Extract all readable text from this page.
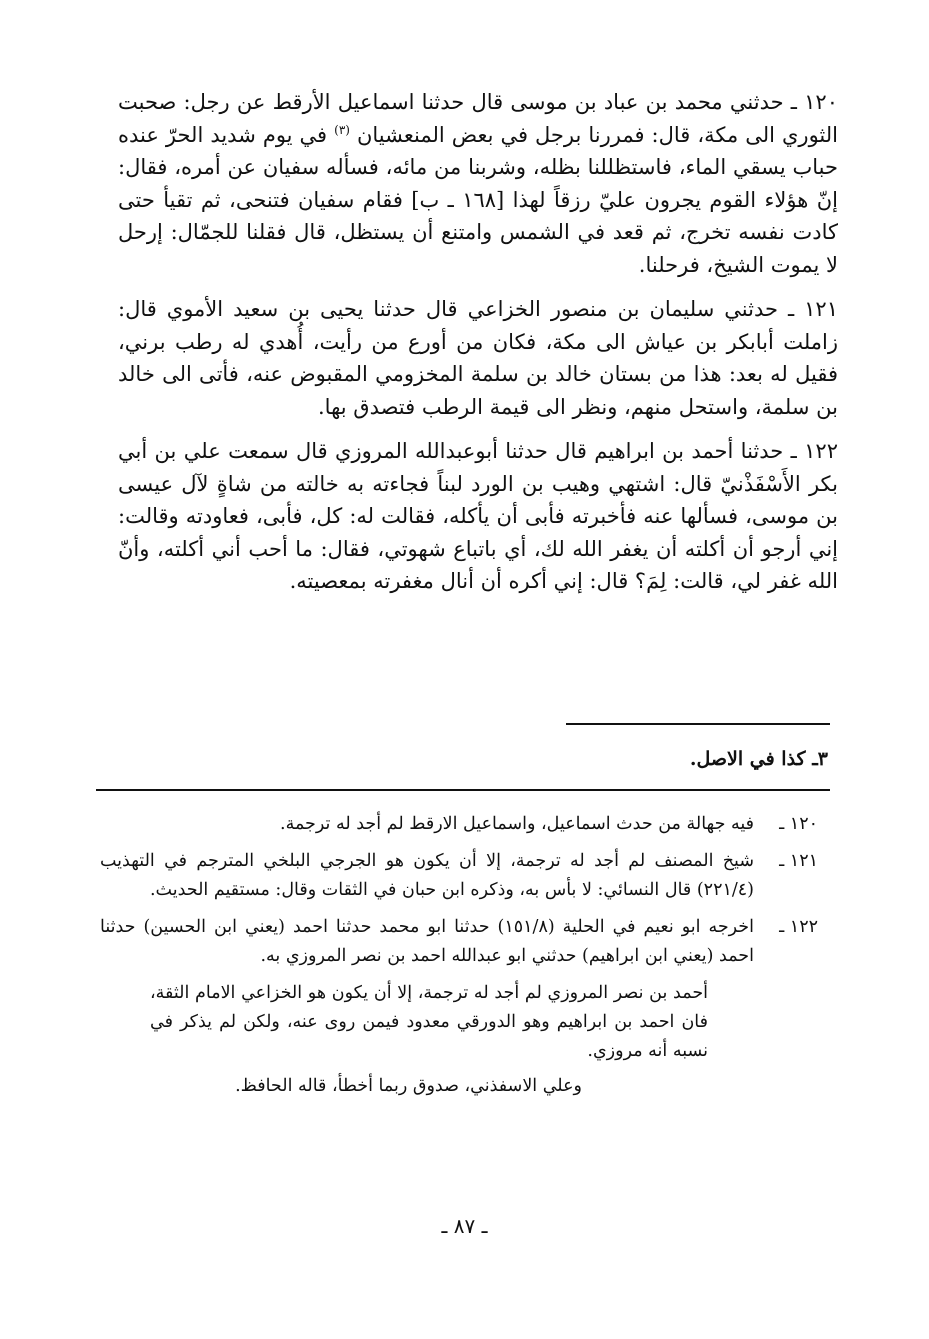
١٢٠ ـ حدثني محمد بن عباد بن موسى قال حدثنا اسماعيل الأرقط عن رجل: صحبت الثوري الى مكة، قال: فمررنا برجل في بعض المنعشيان $^{(٣)}$ في يوم شديد الحرّ عنده حباب يسقي الماء، فاستظللنا بظله، وشربنا من مائه، فسأله سفيان عن أمره، فقال: إنّ هؤلاء القوم يجرون عليّ رزقاً لهذا [١٦٨ ـ ب] فقام سفيان فتنحى، ثم تقيأ حتى كادت نفسه تخرج، ثم قعد في الشمس وامتنع أن يستظل، قال فقلنا للجمّال: إرحل لا يموت الشيخ، فرحلنا.

١٢١ ـ حدثني سليمان بن منصور الخزاعي قال حدثنا يحيى بن سعيد الأموي قال: زاملت أبابكر بن عياش الى مكة، فكان من أورع من رأيت، أُهدي له رطب برني، فقيل له بعد: هذا من بستان خالد بن سلمة المخزومي المقبوض عنه، فأتى الى خالد بن سلمة، واستحل منهم، ونظر الى قيمة الرطب فتصدق بها.

١٢٢ ـ حدثنا أحمد بن ابراهيم قال حدثنا أبوعبدالله المروزي قال سمعت علي بن أبي بكر الأَسْفَذْنيّ قال: اشتهي وهيب بن الورد لبناً فجاءته به خالته من شاةٍ لآل عيسى بن موسى، فسألها عنه فأخبرته فأبى أن يأكله، فقالت له: كل، فأبى، فعاودته وقالت: إني أرجو أن أكلته أن يغفر الله لك، أي باتباع شهوتي، فقال: ما أحب أني أكلته، وأنّ الله غفر لي، قالت: لِمَ؟ قال: إني أكره أن أنال مغفرته بمعصيته.

٣ـ كذا في الاصل.
١٢٠ ـ
فيه جهالة من حدث اسماعيل، واسماعيل الارقط لم أجد له ترجمة.
١٢١ ـ
شيخ المصنف لم أجد له ترجمة، إلا أن يكون هو الجرجي البلخي المترجم في التهذيب (٢٢١/٤) قال النسائي: لا بأس به، وذكره ابن حبان في الثقات وقال: مستقيم الحديث.
١٢٢ ـ
اخرجه ابو نعيم في الحلية (١٥١/٨) حدثنا ابو محمد حدثنا احمد (يعني ابن الحسين) حدثنا احمد (يعني ابن ابراهيم) حدثني ابو عبدالله احمد بن نصر المروزي به.
أحمد بن نصر المروزي لم أجد له ترجمة، إلا أن يكون هو الخزاعي الامام الثقة، فان احمد بن ابراهيم وهو الدورقي معدود فيمن روى عنه، ولكن لم يذكر في نسبه أنه مروزي.
وعلي الاسفذني، صدوق ربما أخطأ، قاله الحافظ.
ـ ٨٧ ـ
